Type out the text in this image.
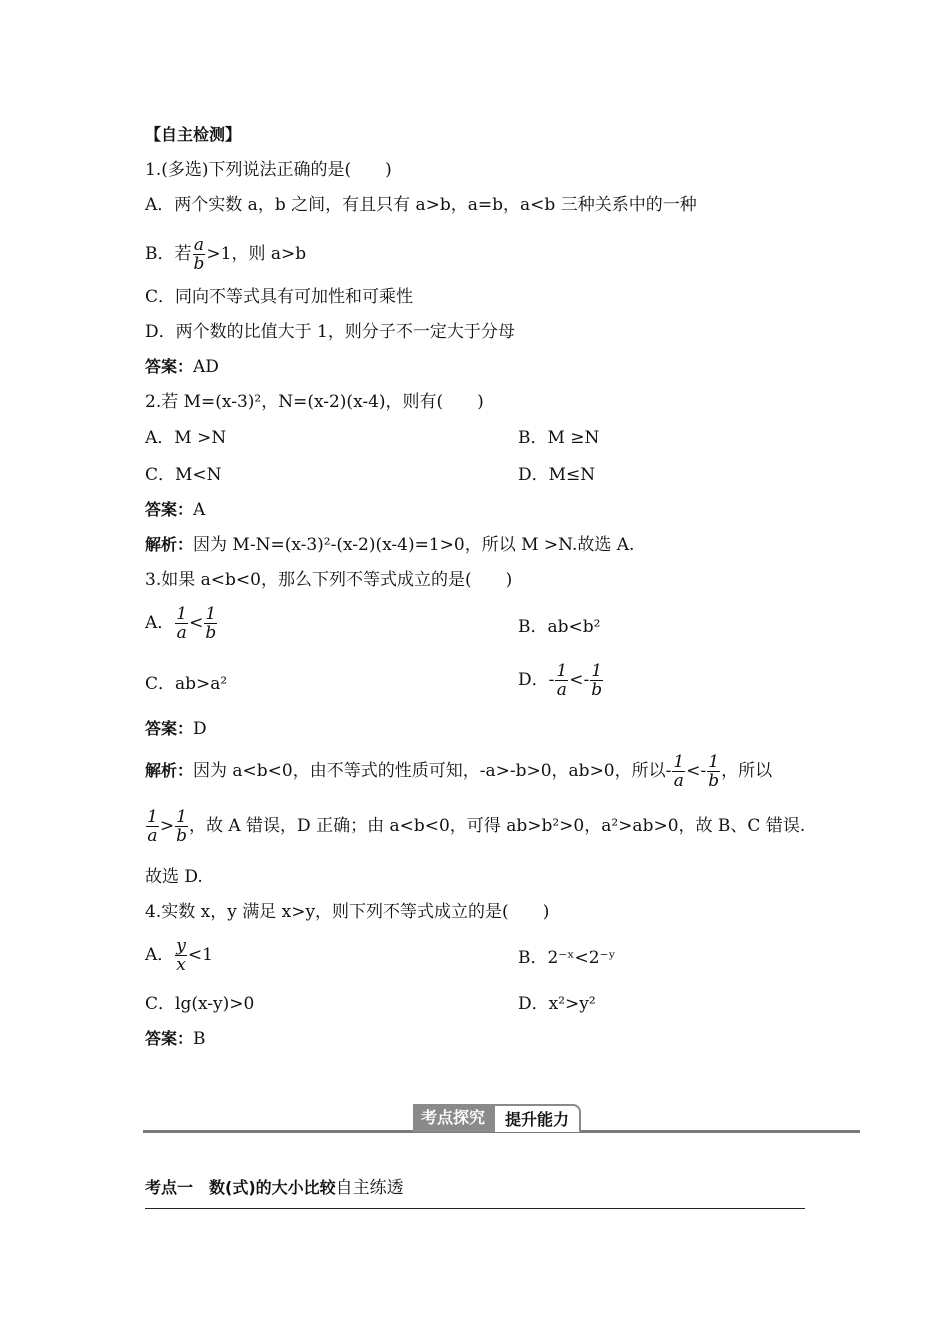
【自主检测】
1.(多选)下列说法正确的是(　　)
A．两个实数 a，b 之间，有且只有 a>b，a=b，a<b 三种关系中的一种
B．若 $\frac{a}{b} >1$，则 a>b
C．同向不等式具有可加性和可乘性
D．两个数的比值大于 1，则分子不一定大于分母
答案：AD
2.若 M=(x-3)²，N=(x-2)(x-4)，则有(　　)
A．M >N	B．M ≥N
C．M<N	D．M≤N
答案：A
解析：因为 M-N=(x-3)²-(x-2)(x-4)=1>0，所以 M >N.故选 A.
3.如果 a<b<0，那么下列不等式成立的是(　　)
A． $\frac{1}{a} < \frac{1}{b}$	B．ab<b²
C．ab>a²	D．- $\frac{1}{a} <- \frac{1}{b}$
答案：D
解析：因为 a<b<0，由不等式的性质可知，-a>-b>0，ab>0，所以- $\frac{1}{a} <- \frac{1}{b}$ ，所以
$\frac{1}{a} > \frac{1}{b}$ ，故 A 错误，D 正确；由 a<b<0，可得 ab>b²>0，a²>ab>0，故 B、C 错误.
故选 D.
4.实数 x，y 满足 x>y，则下列不等式成立的是(　　)
A． $\frac{y}{x} <1$	B．2⁻ˣ<2⁻ʸ
C．lg(x-y)>0	D．x²>y²
答案：B
考点探究	提升能力
考点一　数(式)的大小比较自主练透
